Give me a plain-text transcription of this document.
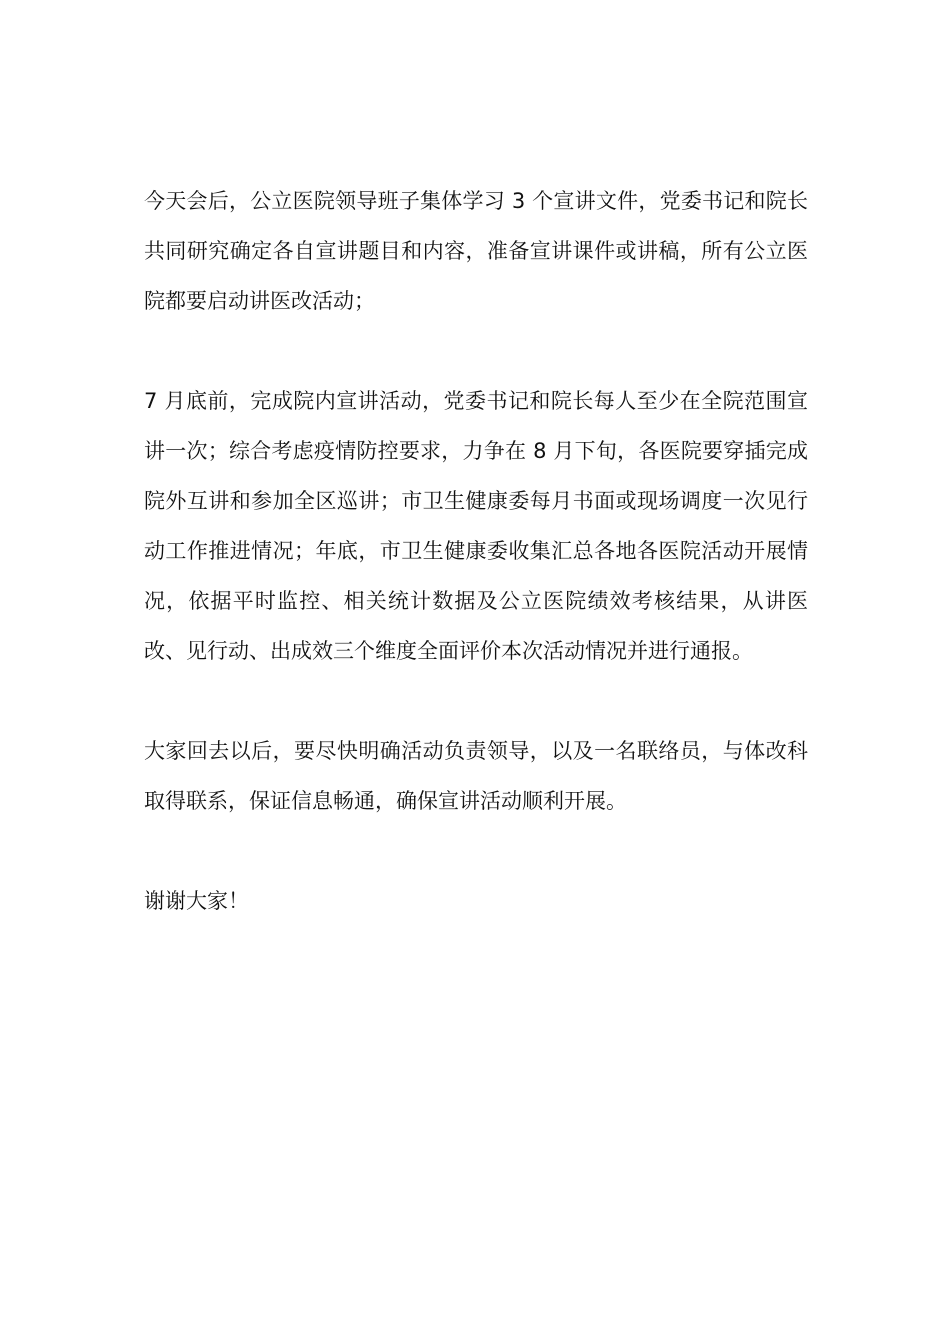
今天会后，公立医院领导班子集体学习 3 个宣讲文件，党委书记和院长共同研究确定各自宣讲题目和内容，准备宣讲课件或讲稿，所有公立医院都要启动讲医改活动；

7 月底前，完成院内宣讲活动，党委书记和院长每人至少在全院范围宣讲一次；综合考虑疫情防控要求，力争在 8 月下旬，各医院要穿插完成院外互讲和参加全区巡讲；市卫生健康委每月书面或现场调度一次见行动工作推进情况；年底，市卫生健康委收集汇总各地各医院活动开展情况，依据平时监控、相关统计数据及公立医院绩效考核结果，从讲医改、见行动、出成效三个维度全面评价本次活动情况并进行通报。

大家回去以后，要尽快明确活动负责领导，以及一名联络员，与体改科取得联系，保证信息畅通，确保宣讲活动顺利开展。

谢谢大家！
